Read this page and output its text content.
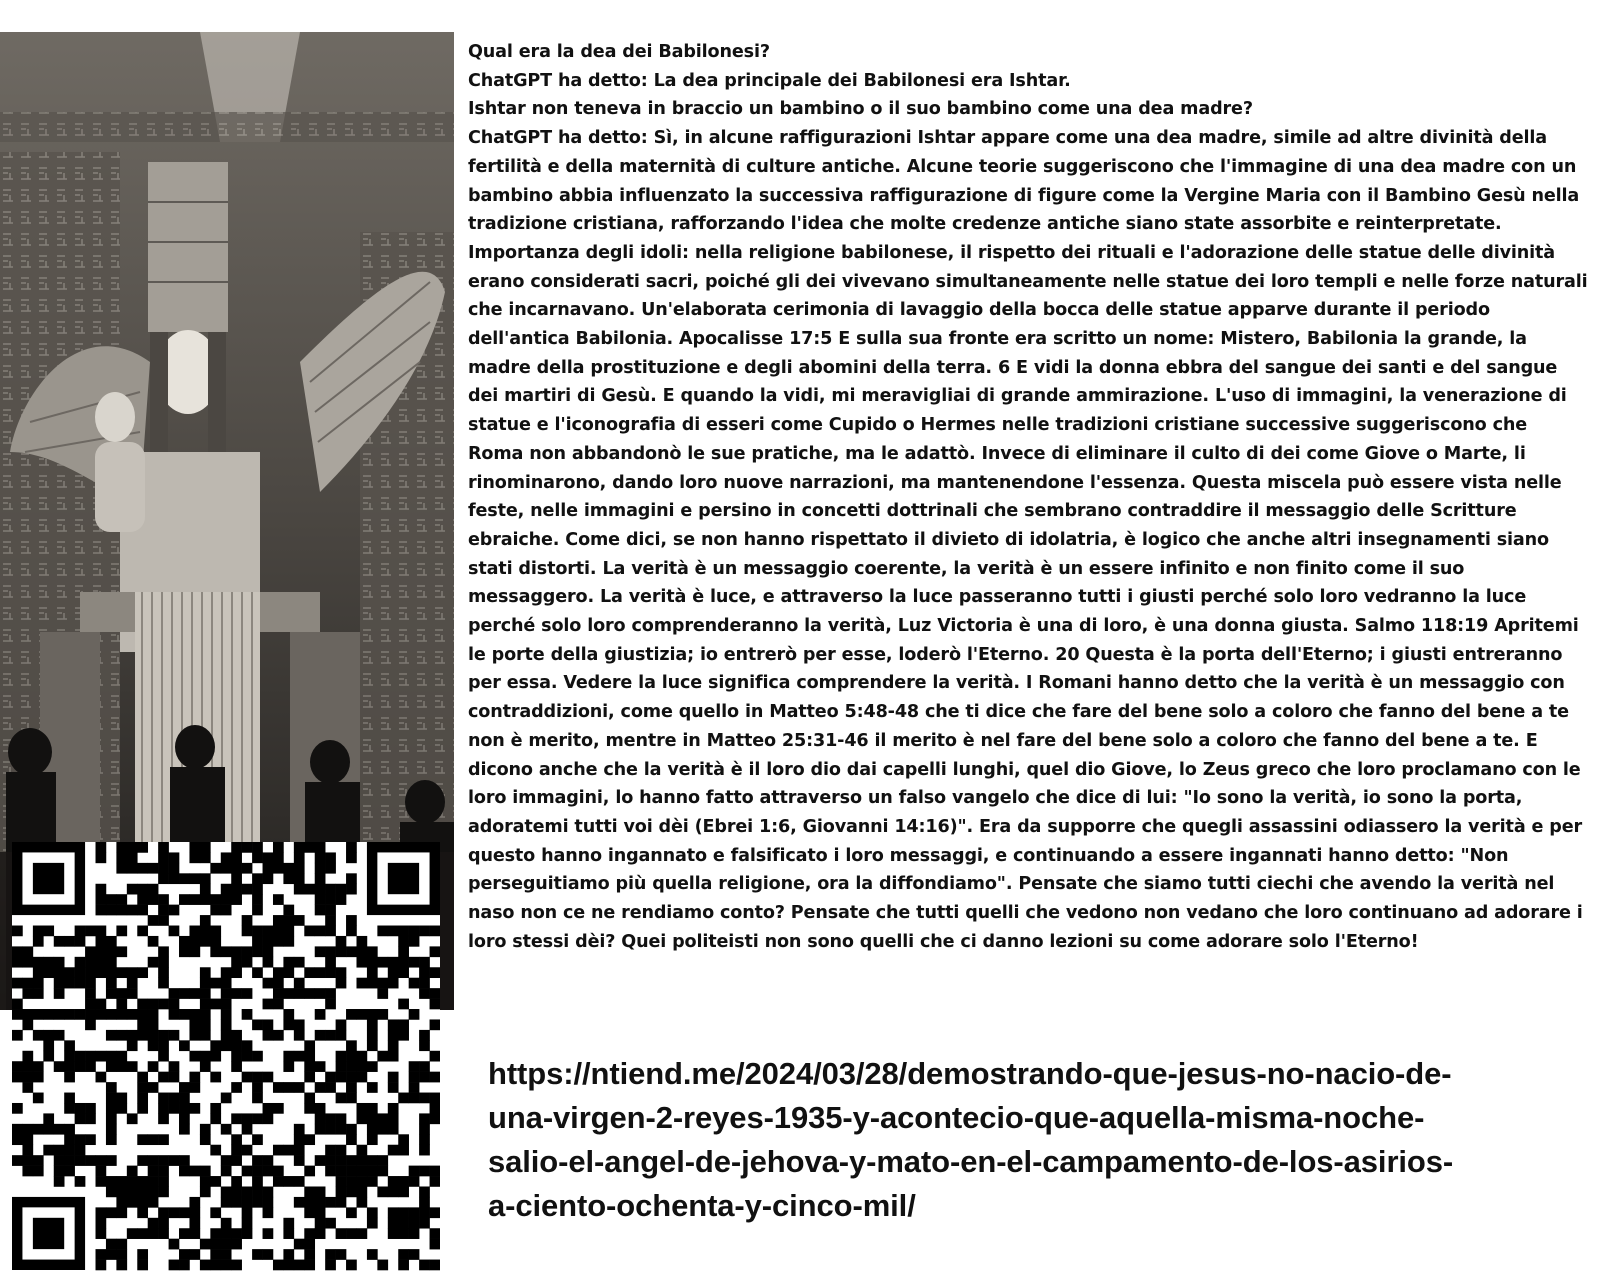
Qual era la dea dei Babilonesi?

ChatGPT ha detto: La dea principale dei Babilonesi era Ishtar.

Ishtar non teneva in braccio un bambino o il suo bambino come una dea madre?

ChatGPT ha detto: Sì, in alcune raffigurazioni Ishtar appare come una dea madre, simile ad altre divinità della fertilità e della maternità di culture antiche. Alcune teorie suggeriscono che l'immagine di una dea madre con un bambino abbia influenzato la successiva raffigurazione di figure come la Vergine Maria con il Bambino Gesù nella tradizione cristiana, rafforzando l'idea che molte credenze antiche siano state assorbite e reinterpretate.

Importanza degli idoli: nella religione babilonese, il rispetto dei rituali e l'adorazione delle statue delle divinità erano considerati sacri, poiché gli dei vivevano simultaneamente nelle statue dei loro templi e nelle forze naturali che incarnavano. Un'elaborata cerimonia di lavaggio della bocca delle statue apparve durante il periodo dell'antica Babilonia. Apocalisse 17:5 E sulla sua fronte era scritto un nome: Mistero, Babilonia la grande, la madre della prostituzione e degli abomini della terra. 6 E vidi la donna ebbra del sangue dei santi e del sangue dei martiri di Gesù. E quando la vidi, mi meravigliai di grande ammirazione. L'uso di immagini, la venerazione di statue e l'iconografia di esseri come Cupido o Hermes nelle tradizioni cristiane successive suggeriscono che Roma non abbandonò le sue pratiche, ma le adattò. Invece di eliminare il culto di dei come Giove o Marte, li rinominarono, dando loro nuove narrazioni, ma mantenendone l'essenza. Questa miscela può essere vista nelle feste, nelle immagini e persino in concetti dottrinali che sembrano contraddire il messaggio delle Scritture ebraiche. Come dici, se non hanno rispettato il divieto di idolatria, è logico che anche altri insegnamenti siano stati distorti. La verità è un messaggio coerente, la verità è un essere infinito e non finito come il suo messaggero. La verità è luce, e attraverso la luce passeranno tutti i giusti perché solo loro vedranno la luce perché solo loro comprenderanno la verità, Luz Victoria è una di loro, è una donna giusta. Salmo 118:19 Apritemi le porte della giustizia; io entrerò per esse, loderò l'Eterno. 20 Questa è la porta dell'Eterno; i giusti entreranno per essa. Vedere la luce significa comprendere la verità. I Romani hanno detto che la verità è un messaggio con contraddizioni, come quello in Matteo 5:48-48 che ti dice che fare del bene solo a coloro che fanno del bene a te non è merito, mentre in Matteo 25:31-46 il merito è nel fare del bene solo a coloro che fanno del bene a te. E dicono anche che la verità è il loro dio dai capelli lunghi, quel dio Giove, lo Zeus greco che loro proclamano con le loro immagini, lo hanno fatto attraverso un falso vangelo che dice di lui: "Io sono la verità, io sono la porta, adoratemi tutti voi dèi (Ebrei 1:6, Giovanni 14:16)". Era da supporre che quegli assassini odiassero la verità e per questo hanno ingannato e falsificato i loro messaggi, e continuando a essere ingannati hanno detto: "Non perseguitiamo più quella religione, ora la diffondiamo". Pensate che siamo tutti ciechi che avendo la verità nel naso non ce ne rendiamo conto? Pensate che tutti quelli che vedono non vedano che loro continuano ad adorare i loro stessi dèi? Quei politeisti non sono quelli che ci danno lezioni su come adorare solo l'Eterno!

https://ntiend.me/2024/03/28/demostrando-que-jesus-no-nacio-de-
una-virgen-2-reyes-1935-y-acontecio-que-aquella-misma-noche-
salio-el-angel-de-jehova-y-mato-en-el-campamento-de-los-asirios-
a-ciento-ochenta-y-cinco-mil/
